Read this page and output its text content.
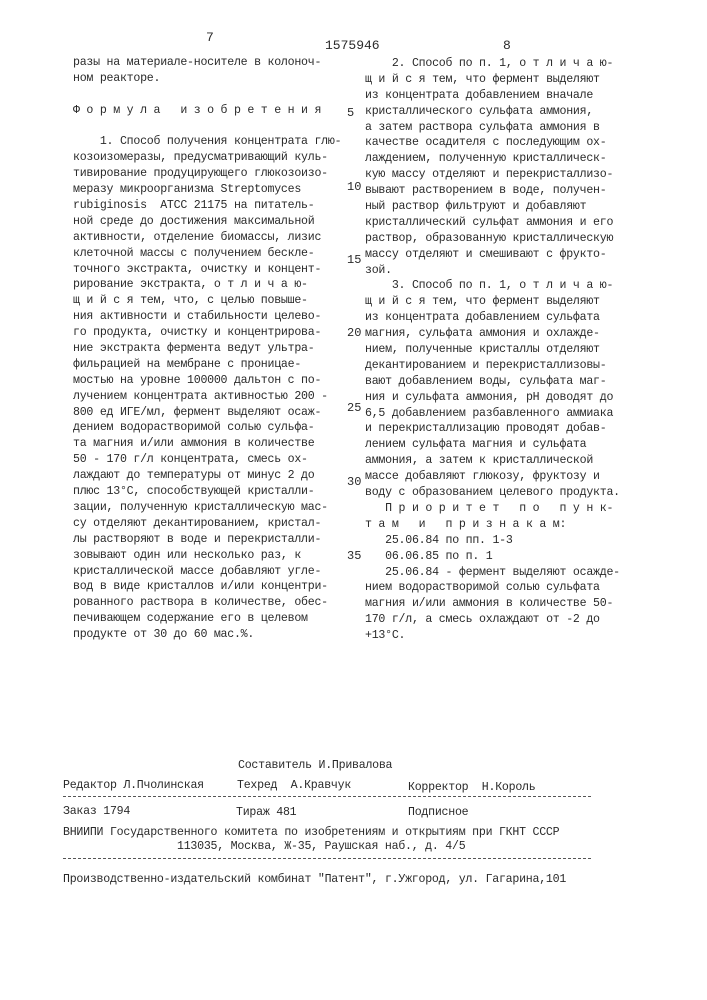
7
1575946	8
разы на материале-носителе в колоноч-
ном реакторе.
Ф о р м у л а   и з о б р е т е н и я
1. Способ получения концентрата глю-
козоизомеразы, предусматривающий куль-
тивирование продуцирующего глюкозоизо-
меразу микроорганизма Streptomyces
rubiginosis  ATCC 21175 на питатель-
ной среде до достижения максимальной
активности, отделение биомассы, лизис
клеточной массы с получением бескле-
точного экстракта, очистку и концент-
рирование экстракта, о т л и ч а ю-
щ и й с я тем, что, с целью повыше-
ния активности и стабильности целево-
го продукта, очистку и концентрирова-
ние экстракта фермента ведут ультра-
фильрацией на мембране с проницае-
мостью на уровне 100000 дальтон с по-
лучением концентрата активностью 200 -
800 ед ИГЕ/мл, фермент выделяют осаж-
дением водорастворимой солью сульфа-
та магния и/или аммония в количестве
50 - 170 г/л концентрата, смесь ох-
лаждают до температуры от минус 2 до
плюс 13°C, способствующей кристалли-
зации, полученную кристаллическую мас-
су отделяют декантированием, кристал-
лы растворяют в воде и перекристалли-
зовывают один или несколько раз, к
кристаллической массе добавляют угле-
вод в виде кристаллов и/или концентри-
рованного раствора в количестве, обес-
печивающем содержание его в целевом
продукте от 30 до 60 мас.%.
2. Способ по п. 1, о т л и ч а ю-
щ и й с я тем, что фермент выделяют
из концентрата добавлением вначале
кристаллического сульфата аммония,
а затем раствора сульфата аммония в
качестве осадителя с последующим ох-
лаждением, полученную кристаллическ-
кую массу отделяют и перекристаллизо-
вывают растворением в воде, получен-
ный раствор фильтруют и добавляют
кристаллический сульфат аммония и его
раствор, образованную кристаллическую
массу отделяют и смешивают с фрукто-
зой.
3. Способ по п. 1, о т л и ч а ю-
щ и й с я тем, что фермент выделяют
из концентрата добавлением сульфата
магния, сульфата аммония и охлажде-
нием, полученные кристаллы отделяют
декантированием и перекристаллизовы-
вают добавлением воды, сульфата маг-
ния и сульфата аммония, pH доводят до
6,5 добавлением разбавленного аммиака
и перекристаллизацию проводят добав-
лением сульфата магния и сульфата
аммония, а затем к кристаллической
массе добавляют глюкозу, фруктозу и
воду с образованием целевого продукта.
П р и о р и т е т   п о   п у н к-
т а м   и   п р и з н а к а м:
25.06.84 по пп. 1-3
06.06.85 по п. 1
25.06.84 - фермент выделяют осажде-
нием водорастворимой солью сульфата
магния и/или аммония в количестве 50-
170 г/л, а смесь охлаждают от -2 до
+13°C.
5
10
15
20
25
30
35
Составитель И.Привалова
Редактор Л.Пчолинская	Техред  А.Кравчук	Корректор  Н.Король
Заказ 1794	Тираж 481	Подписное
ВНИИПИ Государственного комитета по изобретениям и открытиям при ГКНТ СССР
113035, Москва, Ж-35, Раушская наб., д. 4/5
Производственно-издательский комбинат "Патент", г.Ужгород, ул. Гагарина,101
